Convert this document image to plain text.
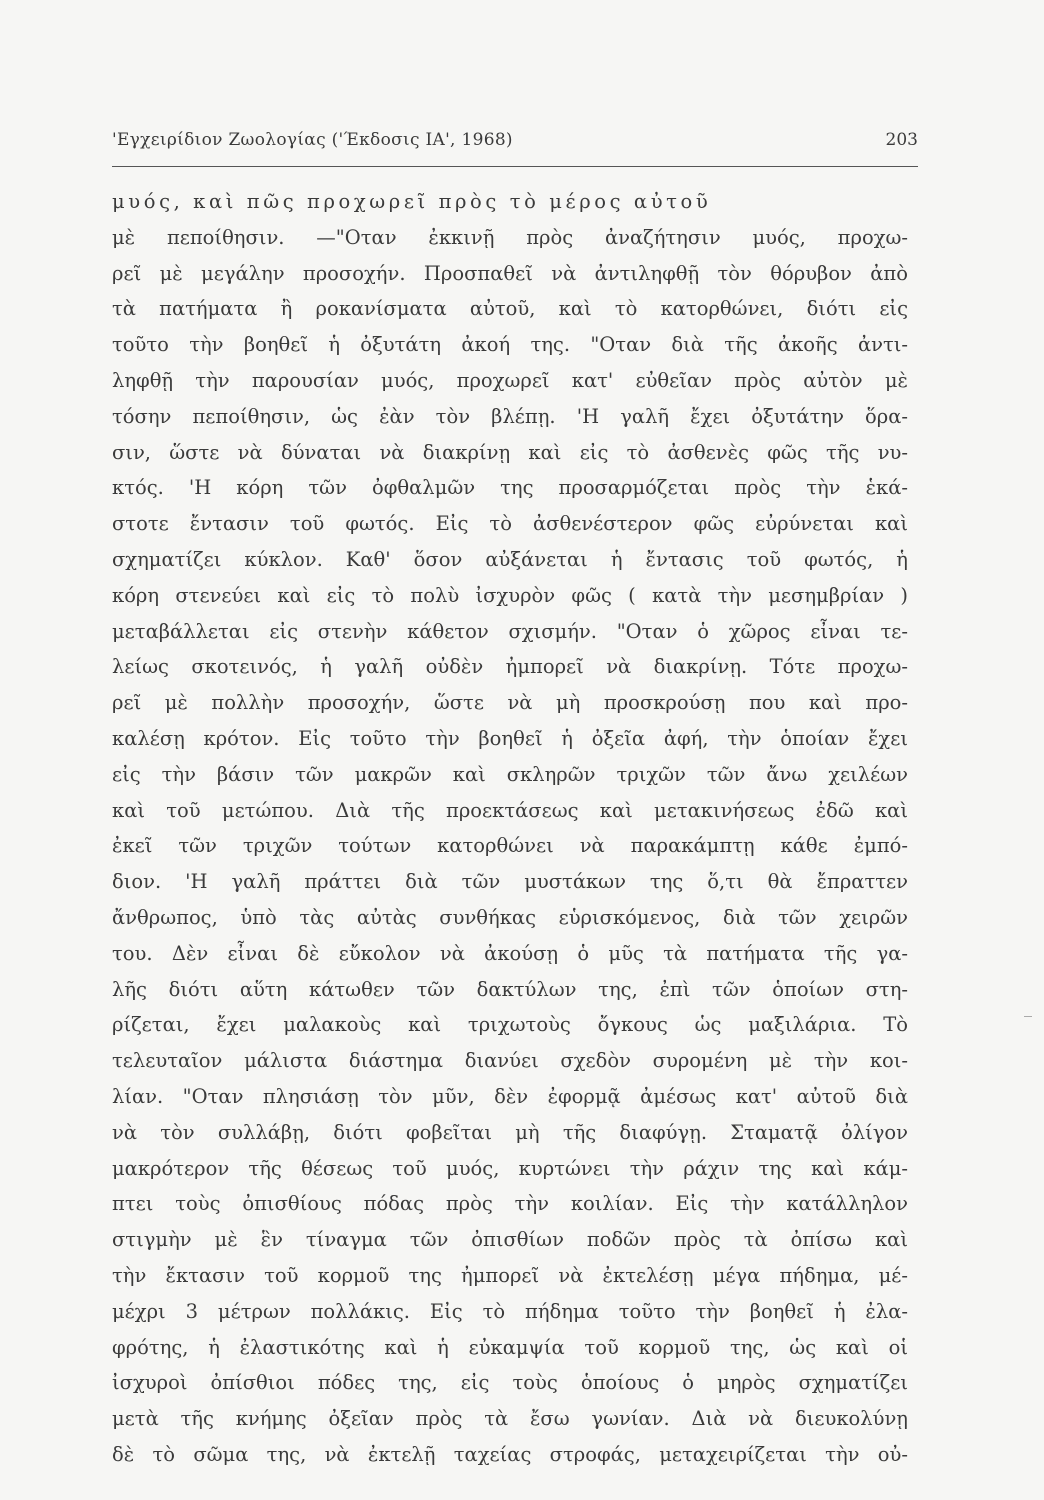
'Εγχειρίδιον Ζωολογίας ('Έκδοσις ΙΑ', 1968)	203
μυός, καὶ πῶς προχωρεῖ πρὸς τὸ μέρος αὐτοῦ
μὲ πεποίθησιν. —"Οταν ἐκκινῇ πρὸς ἀναζήτησιν μυός, προχω-
ρεῖ μὲ μεγάλην προσοχήν. Προσπαθεῖ νὰ ἀντιληφθῇ τὸν θόρυβον ἀπὸ
τὰ πατήματα ἢ ροκανίσματα αὐτοῦ, καὶ τὸ κατορθώνει, διότι εἰς
τοῦτο τὴν βοηθεῖ ἡ ὀξυτάτη ἀκοή της. "Οταν διὰ τῆς ἀκοῆς ἀντι-
ληφθῇ τὴν παρουσίαν μυός, προχωρεῖ κατ' εὐθεῖαν πρὸς αὐτὸν μὲ
τόσην πεποίθησιν, ὡς ἐὰν τὸν βλέπῃ. 'Η γαλῆ ἔχει ὀξυτάτην ὅρα-
σιν, ὥστε νὰ δύναται νὰ διακρίνῃ καὶ εἰς τὸ ἀσθενὲς φῶς τῆς νυ-
κτός. 'Η κόρη τῶν ὀφθαλμῶν της προσαρμόζεται πρὸς τὴν ἑκά-
στοτε ἔντασιν τοῦ φωτός. Εἰς τὸ ἀσθενέστερον φῶς εὐρύνεται καὶ
σχηματίζει κύκλον. Καθ' ὅσον αὐξάνεται ἡ ἔντασις τοῦ φωτός, ἡ
κόρη στενεύει καὶ εἰς τὸ πολὺ ἰσχυρὸν φῶς ( κατὰ τὴν μεσημβρίαν )
μεταβάλλεται εἰς στενὴν κάθετον σχισμήν. "Οταν ὁ χῶρος εἶναι τε-
λείως σκοτεινός, ἡ γαλῆ οὐδὲν ἠμπορεῖ νὰ διακρίνῃ. Τότε προχω-
ρεῖ μὲ πολλὴν προσοχήν, ὥστε νὰ μὴ προσκρούσῃ που καὶ προ-
καλέσῃ κρότον. Εἰς τοῦτο τὴν βοηθεῖ ἡ ὀξεῖα ἀφή, τὴν ὁποίαν ἔχει
εἰς τὴν βάσιν τῶν μακρῶν καὶ σκληρῶν τριχῶν τῶν ἄνω χειλέων
καὶ τοῦ μετώπου. Διὰ τῆς προεκτάσεως καὶ μετακινήσεως ἐδῶ καὶ
ἐκεῖ τῶν τριχῶν τούτων κατορθώνει νὰ παρακάμπτῃ κάθε ἐμπό-
διον. 'Η γαλῆ πράττει διὰ τῶν μυστάκων της ὅ,τι θὰ ἔπραττεν
ἄνθρωπος, ὑπὸ τὰς αὐτὰς συνθήκας εὑρισκόμενος, διὰ τῶν χειρῶν
του. Δὲν εἶναι δὲ εὔκολον νὰ ἀκούσῃ ὁ μῦς τὰ πατήματα τῆς γα-
λῆς διότι αὕτη κάτωθεν τῶν δακτύλων της, ἐπὶ τῶν ὁποίων στη-
ρίζεται, ἔχει μαλακοὺς καὶ τριχωτοὺς ὄγκους ὡς μαξιλάρια. Τὸ
τελευταῖον μάλιστα διάστημα διανύει σχεδὸν συρομένη μὲ τὴν κοι-
λίαν. "Οταν πλησιάσῃ τὸν μῦν, δὲν ἐφορμᾷ ἀμέσως κατ' αὐτοῦ διὰ
νὰ τὸν συλλάβῃ, διότι φοβεῖται μὴ τῆς διαφύγῃ. Σταματᾷ ὀλίγον
μακρότερον τῆς θέσεως τοῦ μυός, κυρτώνει τὴν ράχιν της καὶ κάμ-
πτει τοὺς ὀπισθίους πόδας πρὸς τὴν κοιλίαν. Εἰς τὴν κατάλληλον
στιγμὴν μὲ ἓν τίναγμα τῶν ὀπισθίων ποδῶν πρὸς τὰ ὀπίσω καὶ
τὴν ἔκτασιν τοῦ κορμοῦ της ἠμπορεῖ νὰ ἐκτελέσῃ μέγα πήδημα, μέ-
μέχρι 3 μέτρων πολλάκις. Εἰς τὸ πήδημα τοῦτο τὴν βοηθεῖ ἡ ἐλα-
φρότης, ἡ ἐλαστικότης καὶ ἡ εὐκαμψία τοῦ κορμοῦ της, ὡς καὶ οἱ
ἰσχυροὶ ὀπίσθιοι πόδες της, εἰς τοὺς ὁποίους ὁ μηρὸς σχηματίζει
μετὰ τῆς κνήμης ὀξεῖαν πρὸς τὰ ἔσω γωνίαν. Διὰ νὰ διευκολύνῃ
δὲ τὸ σῶμα της, νὰ ἐκτελῇ ταχείας στροφάς, μεταχειρίζεται τὴν οὐ-
